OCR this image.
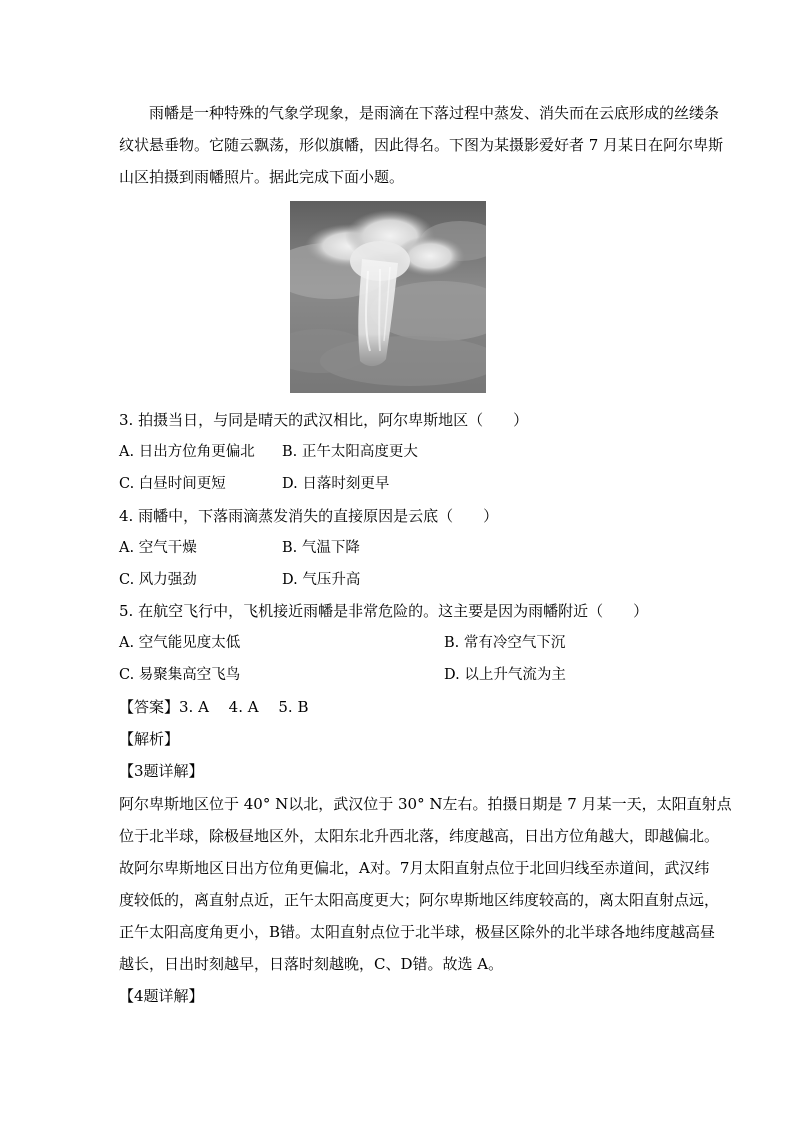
雨幡是一种特殊的气象学现象，是雨滴在下落过程中蒸发、消失而在云底形成的丝缕条
纹状悬垂物。它随云飘荡，形似旗幡，因此得名。下图为某摄影爱好者 7 月某日在阿尔卑斯
山区拍摄到雨幡照片。据此完成下面小题。
3. 拍摄当日，与同是晴天的武汉相比，阿尔卑斯地区（　　）
A. 日出方位角更偏北 B. 正午太阳高度更大
C. 白昼时间更短	D. 日落时刻更早
4. 雨幡中，下落雨滴蒸发消失的直接原因是云底（　　）
A. 空气干燥	B. 气温下降
C. 风力强劲	D. 气压升高
5. 在航空飞行中，飞机接近雨幡是非常危险的。这主要是因为雨幡附近（　　）
A. 空气能见度太低	B. 常有冷空气下沉
C. 易聚集高空飞鸟	D. 以上升气流为主
【答案】3. A　 4. A　 5. B
【解析】
【3题详解】
阿尔卑斯地区位于 40° N以北，武汉位于 30° N左右。拍摄日期是 7 月某一天，太阳直射点
位于北半球，除极昼地区外，太阳东北升西北落，纬度越高，日出方位角越大，即越偏北。
故阿尔卑斯地区日出方位角更偏北，A对。7月太阳直射点位于北回归线至赤道间，武汉纬
度较低的，离直射点近，正午太阳高度更大；阿尔卑斯地区纬度较高的，离太阳直射点远，
正午太阳高度角更小，B错。太阳直射点位于北半球，极昼区除外的北半球各地纬度越高昼
越长，日出时刻越早，日落时刻越晚，C、D错。故选 A。
【4题详解】
